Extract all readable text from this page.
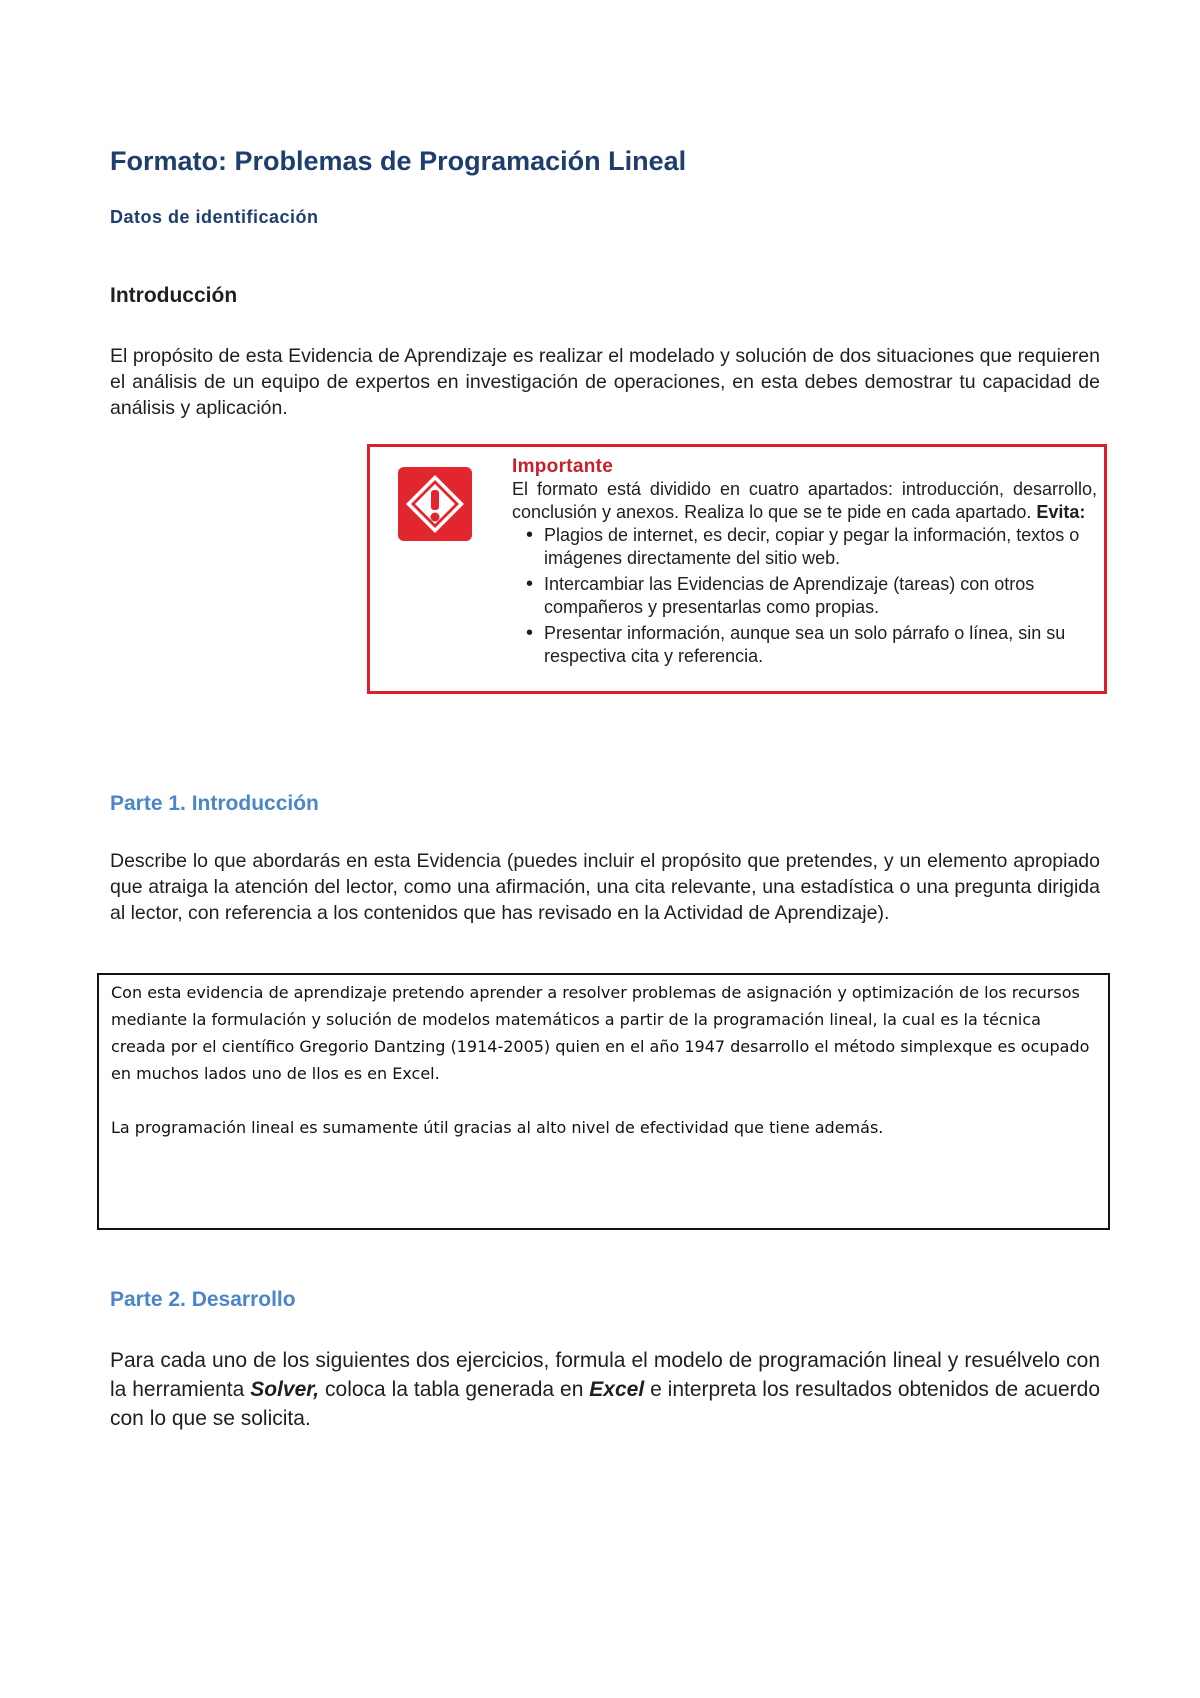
Formato: Problemas de Programación Lineal
Datos de identificación
Introducción

El propósito de esta Evidencia de Aprendizaje es realizar el modelado y solución de dos situaciones que requieren el análisis de un equipo de expertos en investigación de operaciones, en esta debes demostrar tu capacidad de análisis y aplicación.

Importante
El formato está dividido en cuatro apartados: introducción, desarrollo, conclusión y anexos. Realiza lo que se te pide en cada apartado. Evita:
• Plagios de internet, es decir, copiar y pegar la información, textos o imágenes directamente del sitio web.
• Intercambiar las Evidencias de Aprendizaje (tareas) con otros compañeros y presentarlas como propias.
• Presentar información, aunque sea un solo párrafo o línea, sin su respectiva cita y referencia.
Parte 1. Introducción

Describe lo que abordarás en esta Evidencia (puedes incluir el propósito que pretendes, y un elemento apropiado que atraiga la atención del lector, como una afirmación, una cita relevante, una estadística o una pregunta dirigida al lector, con referencia a los contenidos que has revisado en la Actividad de Aprendizaje).

Con esta evidencia de aprendizaje pretendo aprender a resolver problemas de asignación y optimización de los recursos mediante la formulación y solución de modelos matemáticos a partir de la programación lineal, la cual es la técnica creada por el científico Gregorio Dantzing (1914-2005) quien en el año 1947 desarrollo el método simplexque es ocupado en muchos lados uno de llos es en Excel.

La programación lineal es sumamente útil gracias al alto nivel de efectividad que tiene además.

Parte 2. Desarrollo

Para cada uno de los siguientes dos ejercicios, formula el modelo de programación lineal y resuélvelo con la herramienta Solver, coloca la tabla generada en Excel e interpreta los resultados obtenidos de acuerdo con lo que se solicita.
